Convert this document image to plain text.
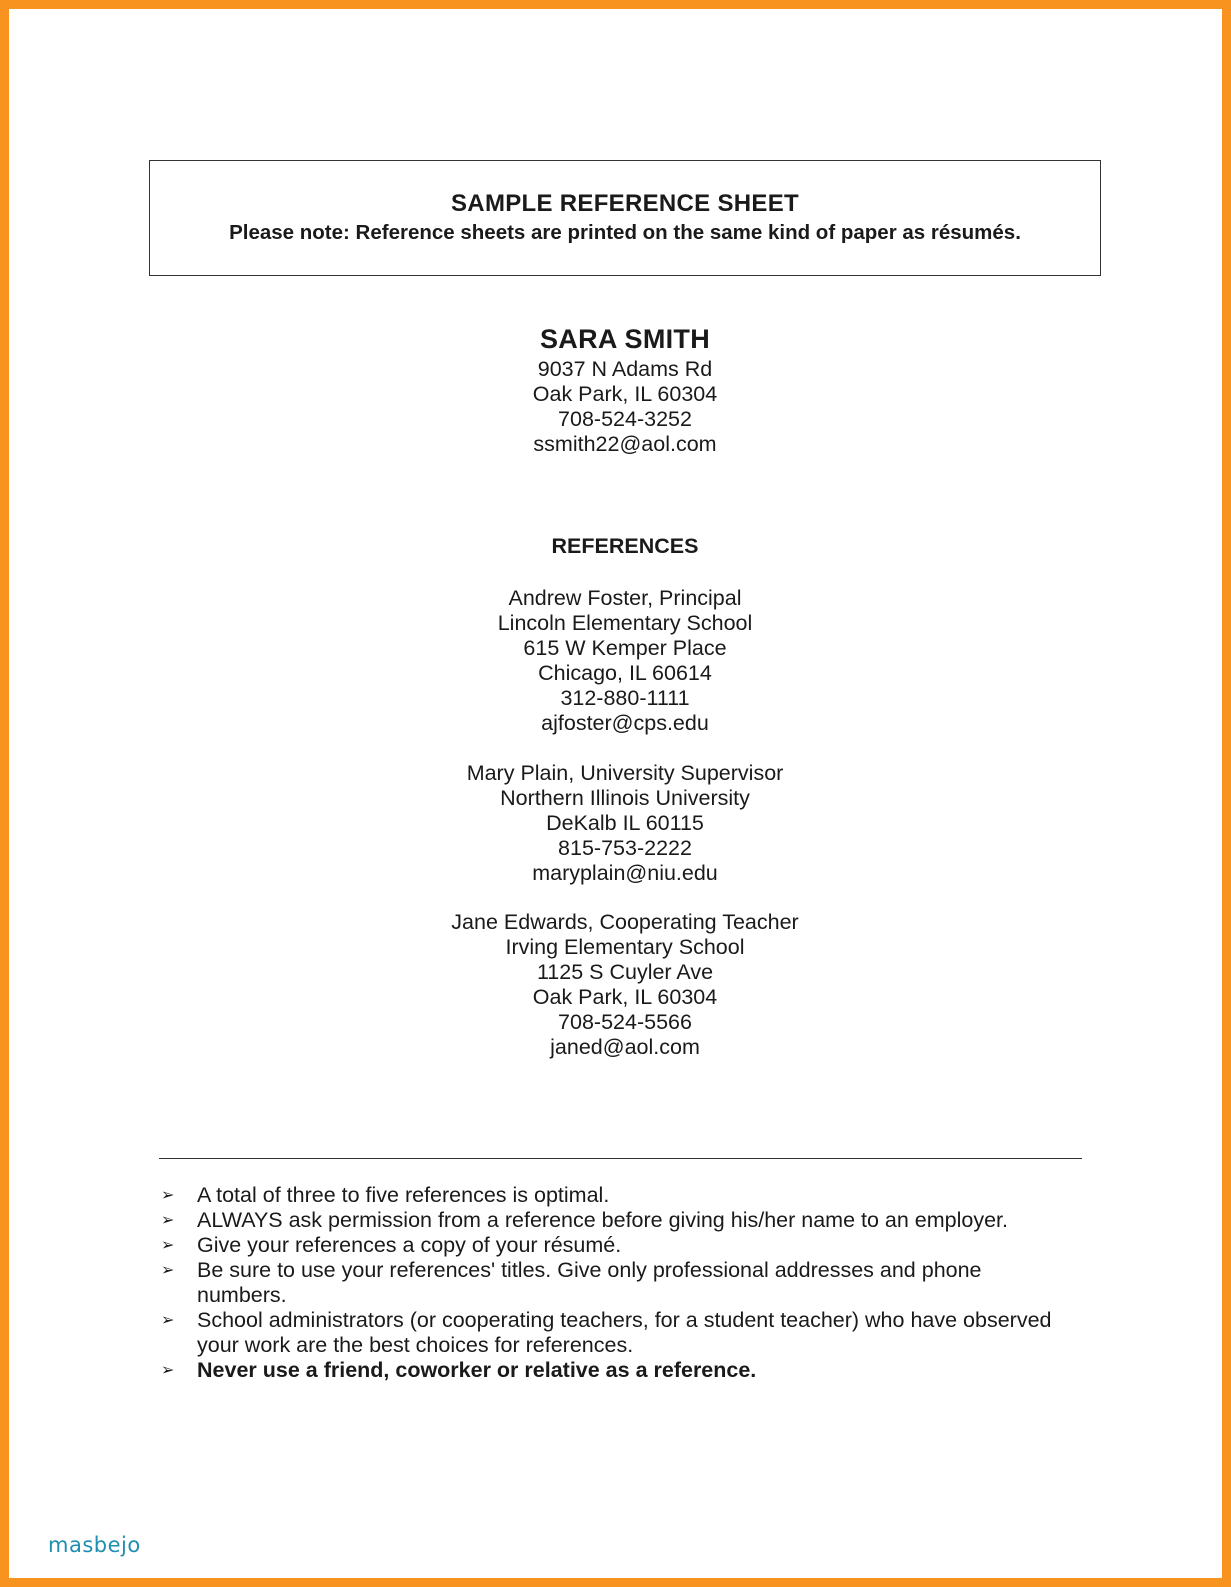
SAMPLE REFERENCE SHEET
Please note: Reference sheets are printed on the same kind of paper as résumés.
SARA SMITH
9037 N Adams Rd
Oak Park, IL 60304
708-524-3252
ssmith22@aol.com
REFERENCES
Andrew Foster, Principal
Lincoln Elementary School
615 W Kemper Place
Chicago, IL 60614
312-880-1111
ajfoster@cps.edu
Mary Plain, University Supervisor
Northern Illinois University
DeKalb IL 60115
815-753-2222
maryplain@niu.edu
Jane Edwards, Cooperating Teacher
Irving Elementary School
1125 S Cuyler Ave
Oak Park, IL 60304
708-524-5566
janed@aol.com
➢ A total of three to five references is optimal.
➢ ALWAYS ask permission from a reference before giving his/her name to an employer.
➢ Give your references a copy of your résumé.
➢ Be sure to use your references' titles. Give only professional addresses and phone numbers.
➢ School administrators (or cooperating teachers, for a student teacher) who have observed your work are the best choices for references.
➢ Never use a friend, coworker or relative as a reference.
masbejo
